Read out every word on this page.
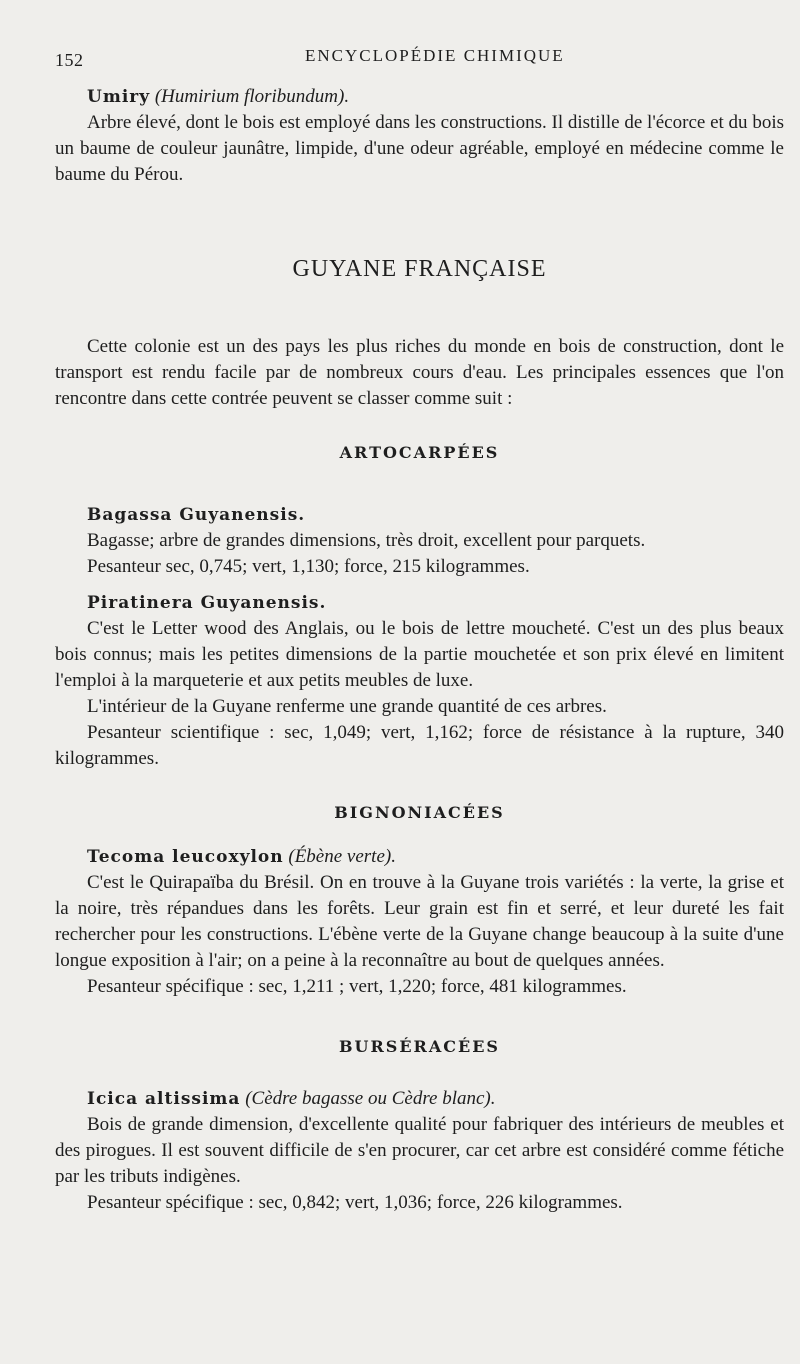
152	ENCYCLOPÉDIE CHIMIQUE
Umiry (Humirium floribundum).

Arbre élevé, dont le bois est employé dans les constructions. Il distille de l'écorce et du bois un baume de couleur jaunâtre, limpide, d'une odeur agréable, employé en médecine comme le baume du Pérou.

GUYANE FRANÇAISE

Cette colonie est un des pays les plus riches du monde en bois de construction, dont le transport est rendu facile par de nombreux cours d'eau. Les principales essences que l'on rencontre dans cette contrée peuvent se classer comme suit :

ARTOCARPÉES
Bagassa Guyanensis.

Bagasse; arbre de grandes dimensions, très droit, excellent pour parquets.

Pesanteur sec, 0,745; vert, 1,130; force, 215 kilogrammes.

Piratinera Guyanensis.

C'est le Letter wood des Anglais, ou le bois de lettre moucheté. C'est un des plus beaux bois connus; mais les petites dimensions de la partie mouchetée et son prix élevé en limitent l'emploi à la marqueterie et aux petits meubles de luxe.

L'intérieur de la Guyane renferme une grande quantité de ces arbres.

Pesanteur scientifique : sec, 1,049; vert, 1,162; force de résistance à la rupture, 340 kilogrammes.

BIGNONIACÉES
Tecoma leucoxylon (Ébène verte).

C'est le Quirapaïba du Brésil. On en trouve à la Guyane trois variétés : la verte, la grise et la noire, très répandues dans les forêts. Leur grain est fin et serré, et leur dureté les fait rechercher pour les constructions. L'ébène verte de la Guyane change beaucoup à la suite d'une longue exposition à l'air; on a peine à la reconnaître au bout de quelques années.

Pesanteur spécifique : sec, 1,211 ; vert, 1,220; force, 481 kilogrammes.

BURSÉRACÉES
Icica altissima (Cèdre bagasse ou Cèdre blanc).

Bois de grande dimension, d'excellente qualité pour fabriquer des intérieurs de meubles et des pirogues. Il est souvent difficile de s'en procurer, car cet arbre est considéré comme fétiche par les tributs indigènes.

Pesanteur spécifique : sec, 0,842; vert, 1,036; force, 226 kilogrammes.
